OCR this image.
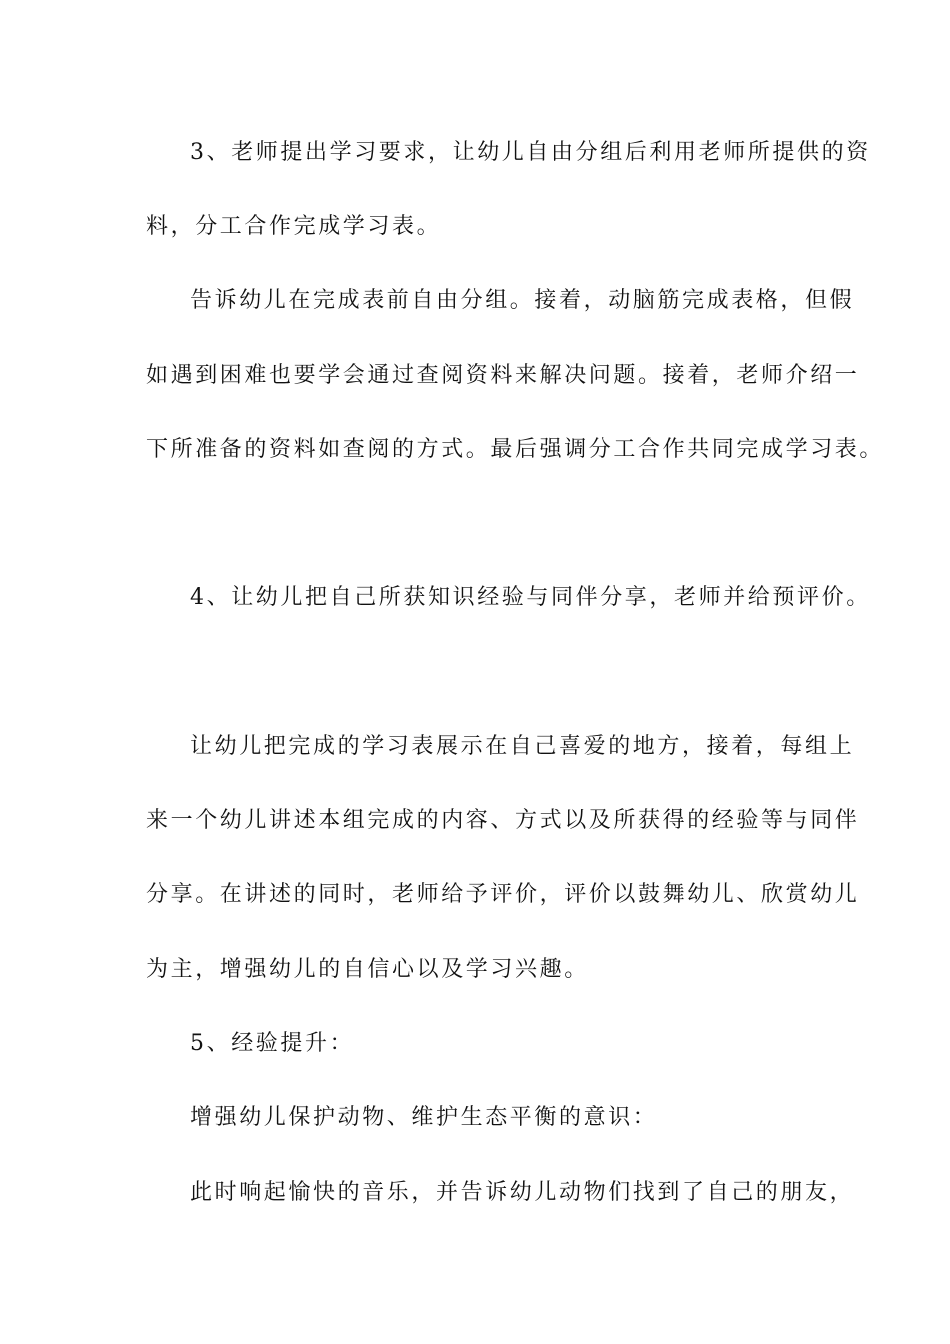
3、老师提出学习要求，让幼儿自由分组后利用老师所提供的资
料，分工合作完成学习表。
告诉幼儿在完成表前自由分组。接着，动脑筋完成表格，但假
如遇到困难也要学会通过查阅资料来解决问题。接着，老师介绍一
下所准备的资料如查阅的方式。最后强调分工合作共同完成学习表。
4、让幼儿把自己所获知识经验与同伴分享，老师并给预评价。
让幼儿把完成的学习表展示在自己喜爱的地方，接着，每组上
来一个幼儿讲述本组完成的内容、方式以及所获得的经验等与同伴
分享。在讲述的同时，老师给予评价，评价以鼓舞幼儿、欣赏幼儿
为主，增强幼儿的自信心以及学习兴趣。
5、经验提升：
增强幼儿保护动物、维护生态平衡的意识：
此时响起愉快的音乐，并告诉幼儿动物们找到了自己的朋友，
